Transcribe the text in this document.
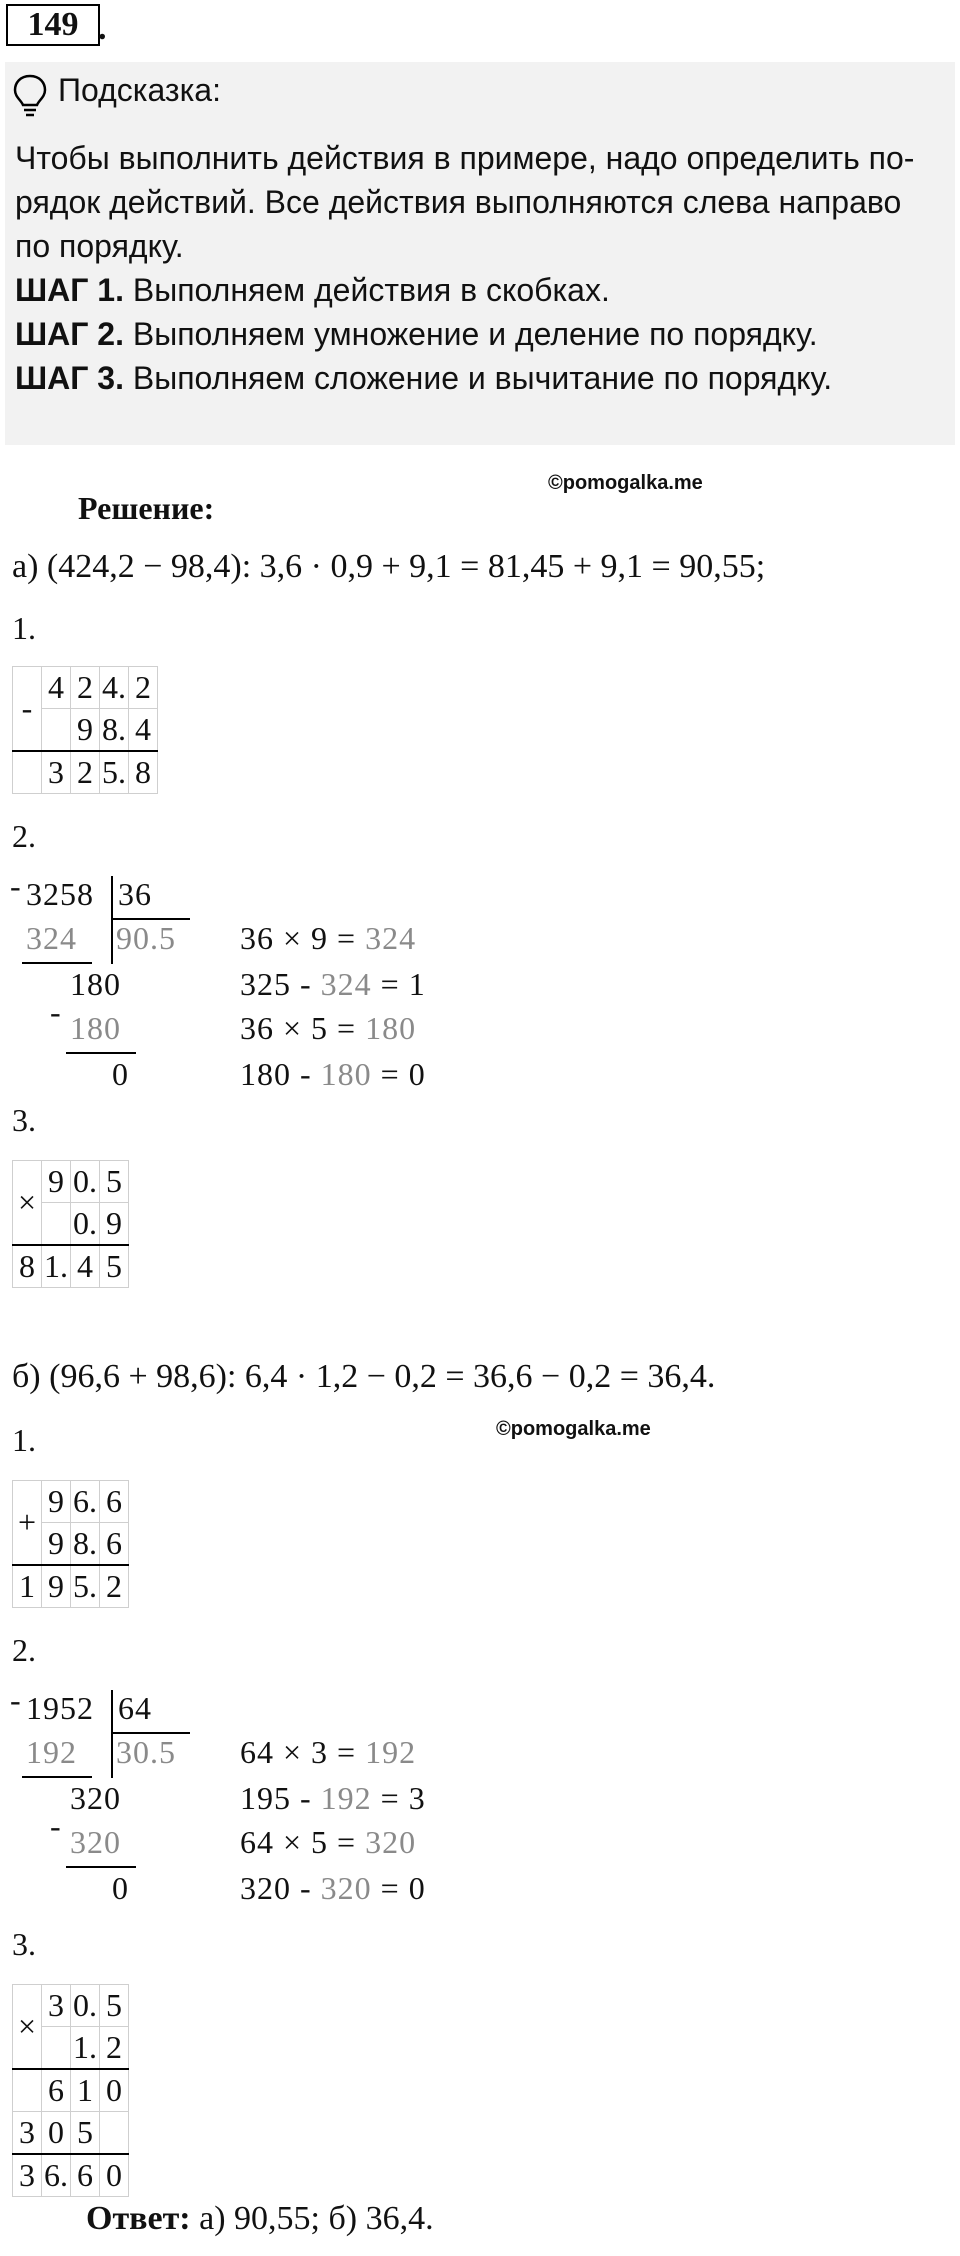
149 .
Подсказка:
Чтобы выполнить действия в примере, надо определить по-
рядок действий. Все действия выполняются слева направо
по порядку.
ШАГ 1. Выполняем действия в скобках.
ШАГ 2. Выполняем умножение и деление по порядку.
ШАГ 3. Выполняем сложение и вычитание по порядку.
©pomogalka.me
Решение:
а) (424,2 − 98,4): 3,6 · 0,9 + 9,1 = 81,45 + 9,1 = 90,55;
1.
-	4	2	4.	2
		9	8.	4
	3	2	5.	8
2.
- 3258 36
324 90.5
180
- 180
0
36 × 9 = 324
325 - 324 = 1
36 × 5 = 180
180 - 180 = 0
3.
×	9	0.	5
		0.	9
8	1.	4	5
б) (96,6 + 98,6): 6,4 · 1,2 − 0,2 = 36,6 − 0,2 = 36,4.
©pomogalka.me
1.
+	9	6.	6
	9	8.	6
1	9	5.	2
2.
- 1952 64
192 30.5
320
- 320
0
64 × 3 = 192
195 - 192 = 3
64 × 5 = 320
320 - 320 = 0
3.
×	3	0.	5
		1.	2
	6	1	0
3	0	5	
3	6.	6	0
Ответ: а) 90,55; б) 36,4.
